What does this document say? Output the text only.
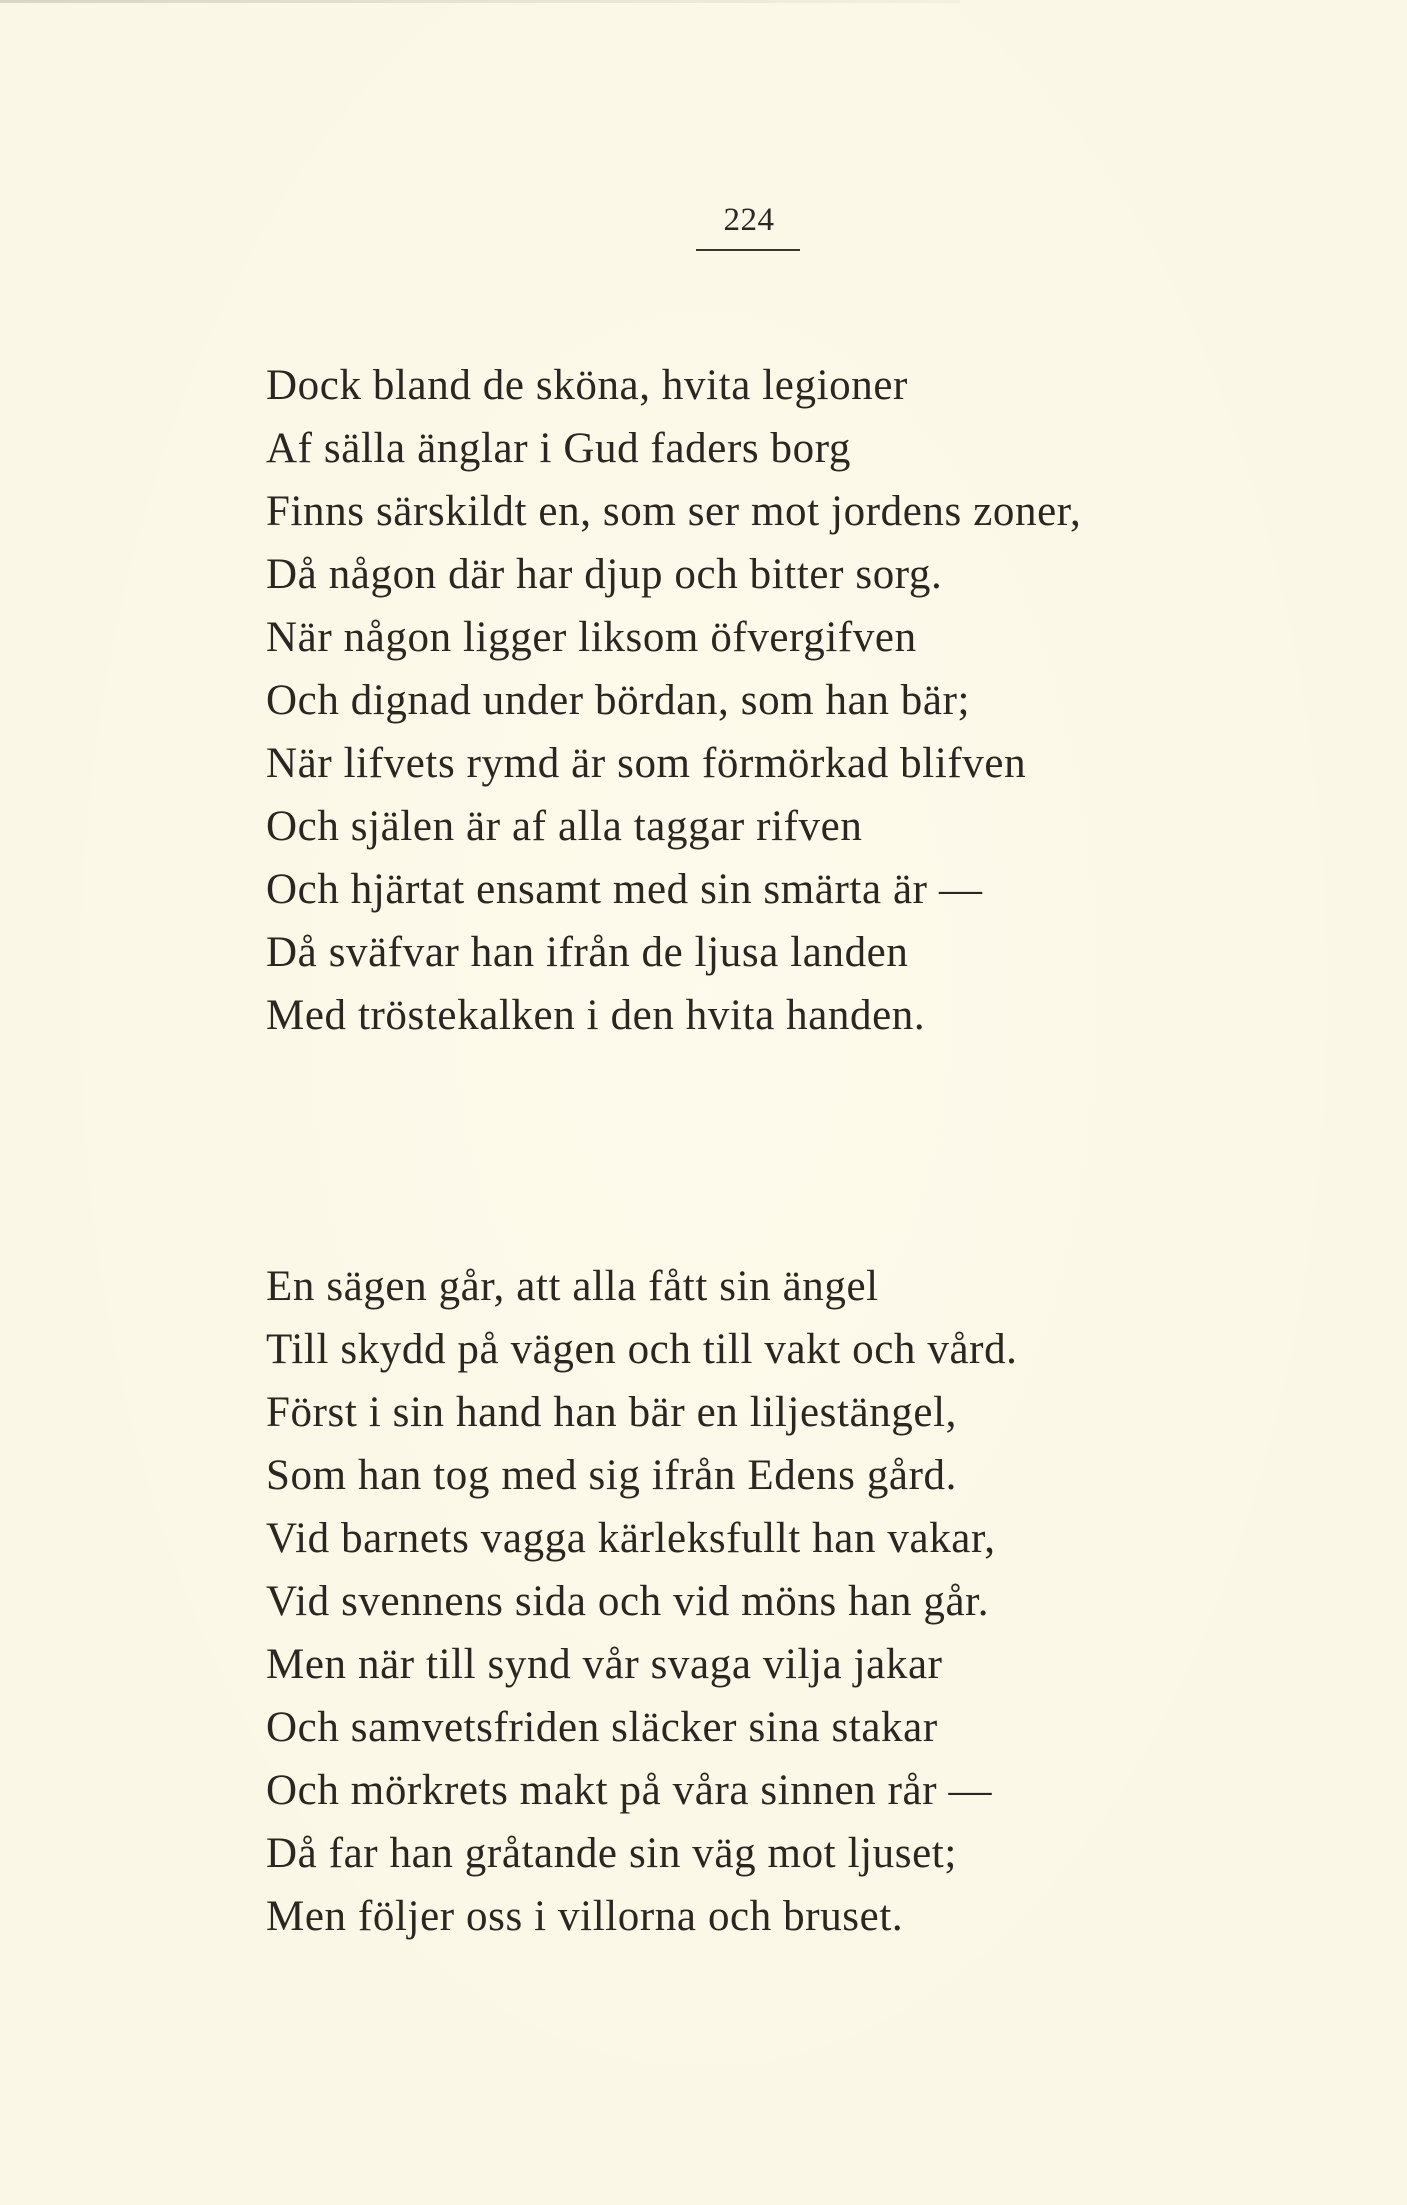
224
Dock bland de sköna, hvita legioner
Af sälla änglar i Gud faders borg
Finns särskildt en, som ser mot jordens zoner,
Då någon där har djup och bitter sorg.
När någon ligger liksom öfvergifven
Och dignad under bördan, som han bär;
När lifvets rymd är som förmörkad blifven
Och själen är af alla taggar rifven
Och hjärtat ensamt med sin smärta är —
Då sväfvar han ifrån de ljusa landen
Med tröstekalken i den hvita handen.
En sägen går, att alla fått sin ängel
Till skydd på vägen och till vakt och vård.
Först i sin hand han bär en liljestängel,
Som han tog med sig ifrån Edens gård.
Vid barnets vagga kärleksfullt han vakar,
Vid svennens sida och vid möns han går.
Men när till synd vår svaga vilja jakar
Och samvetsfriden släcker sina stakar
Och mörkrets makt på våra sinnen rår —
Då far han gråtande sin väg mot ljuset;
Men följer oss i villorna och bruset.
